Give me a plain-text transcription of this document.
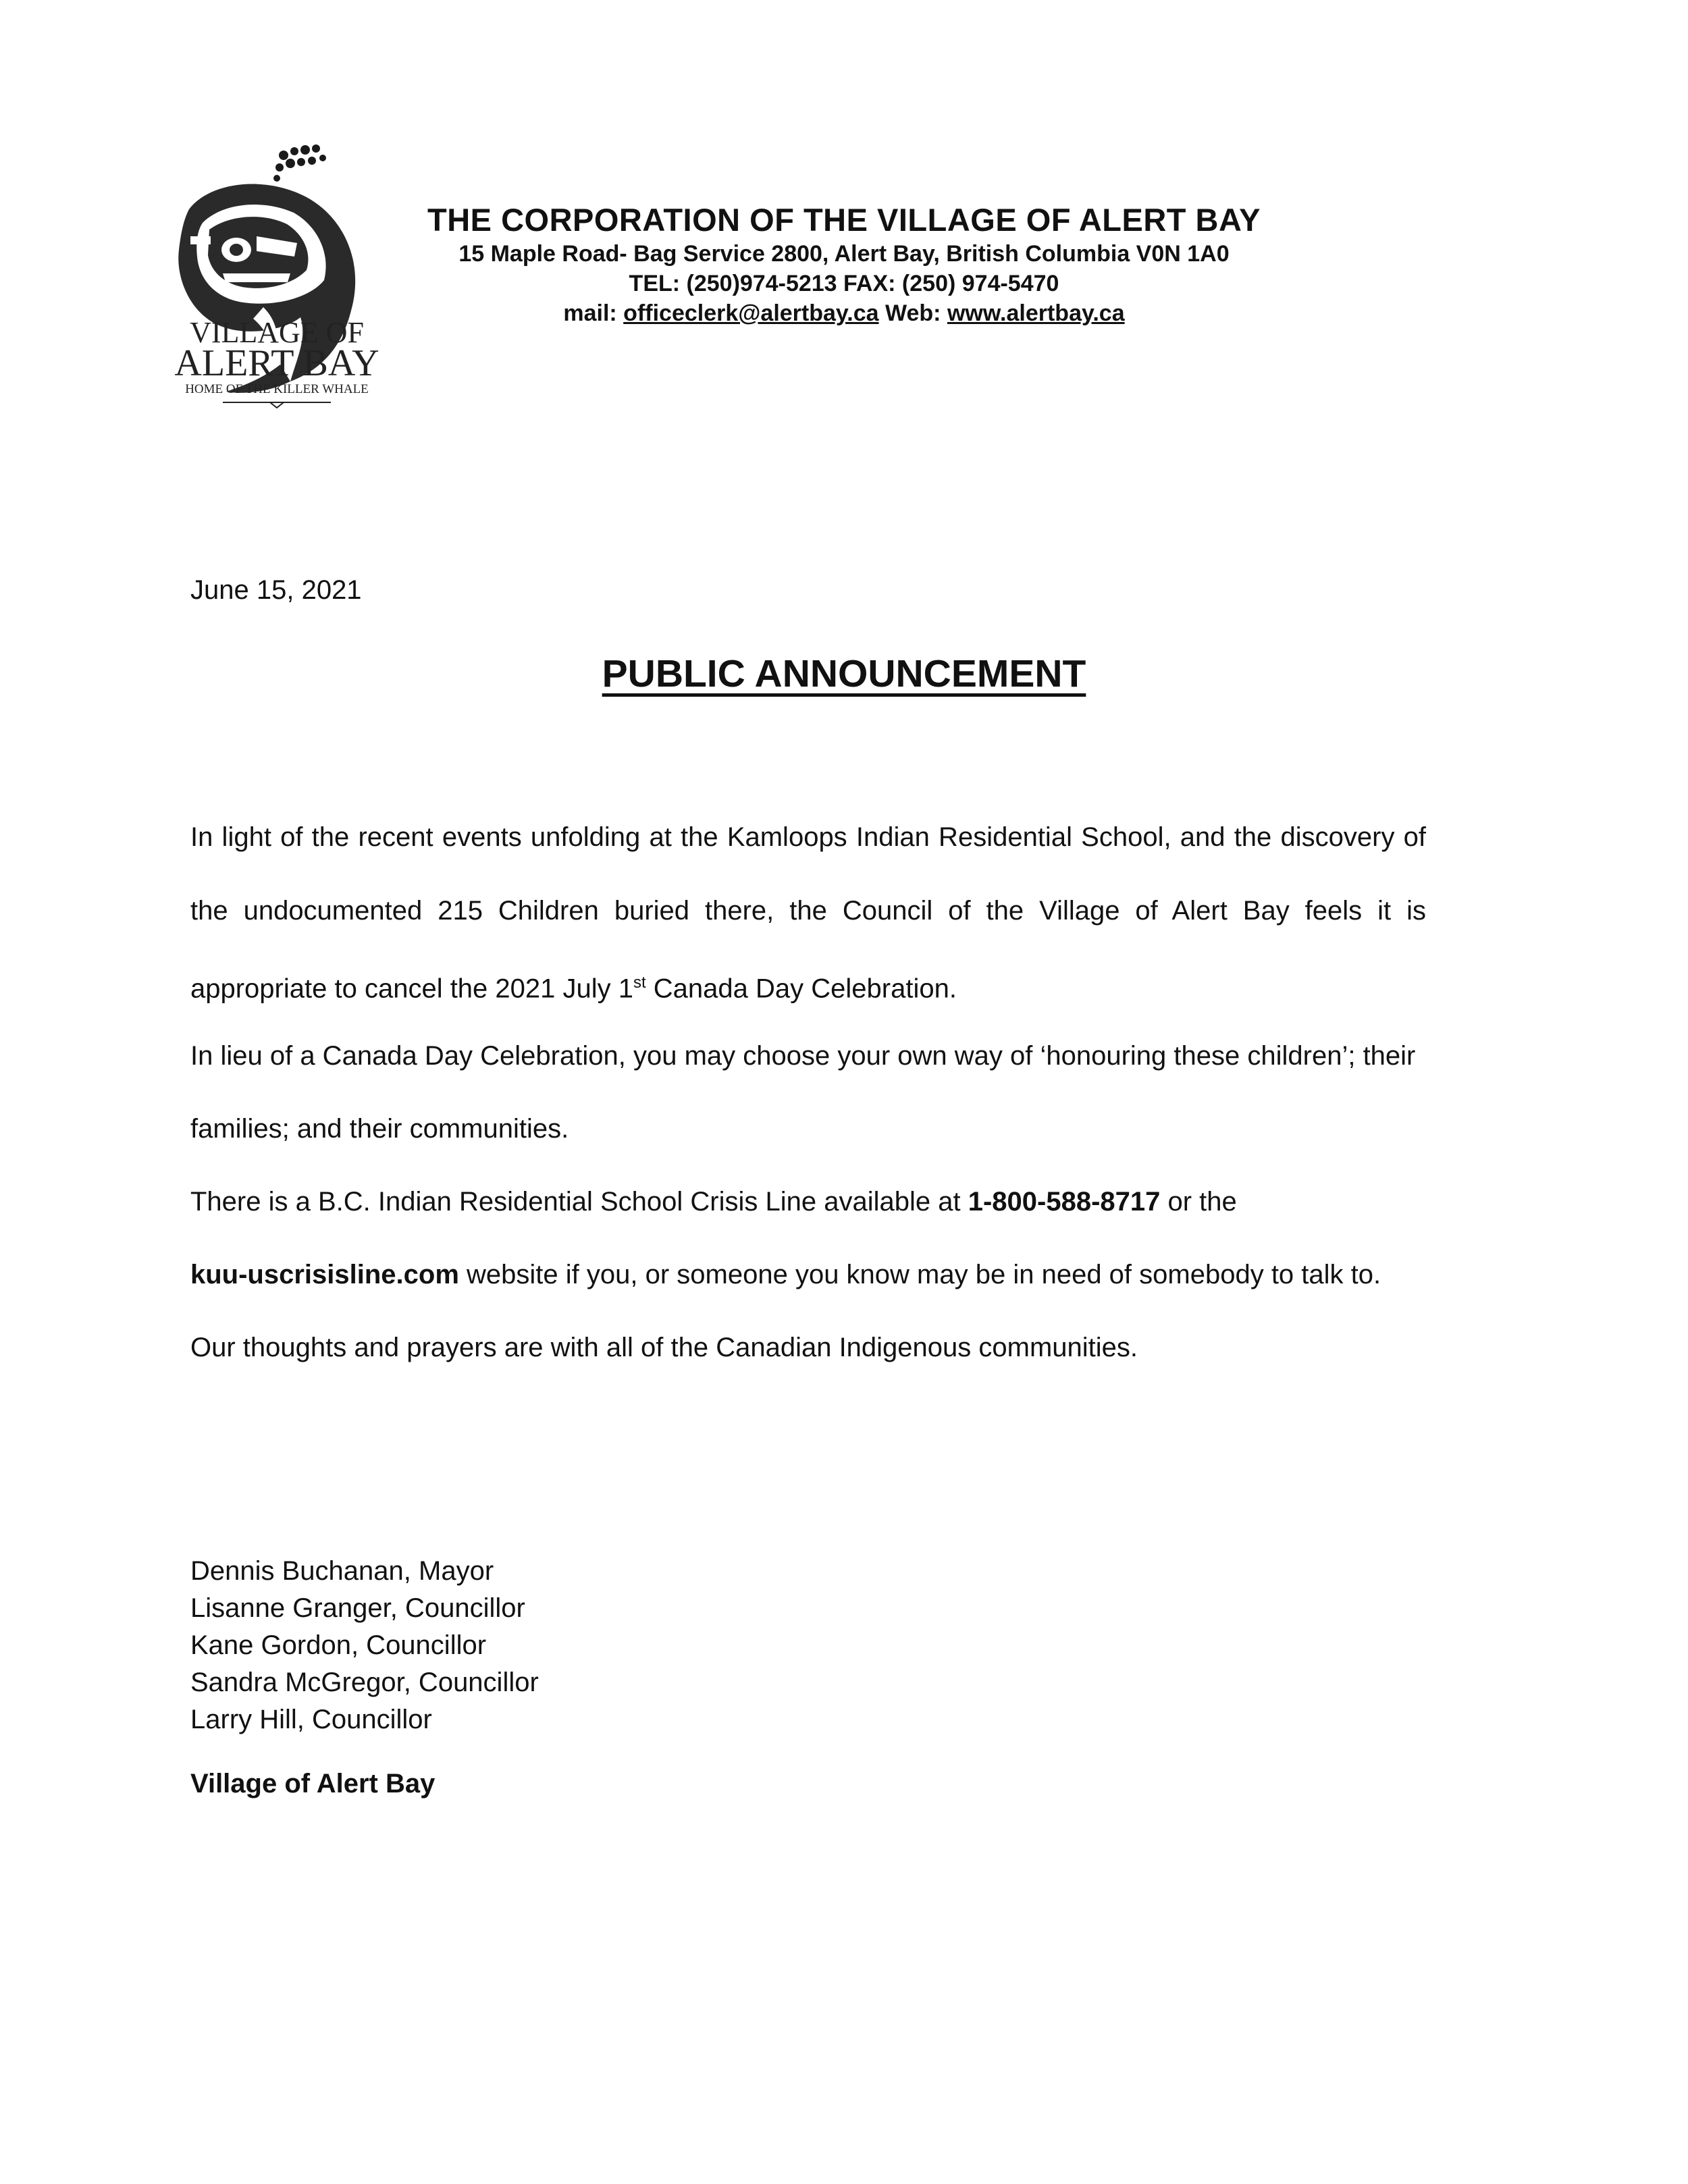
VILLAGE OF
ALERT BAY
HOME OF THE KILLER WHALE
THE CORPORATION OF THE VILLAGE OF ALERT BAY
15 Maple Road- Bag Service 2800, Alert Bay, British Columbia V0N 1A0
TEL: (250)974-5213 FAX: (250) 974-5470
mail: officeclerk@alertbay.ca Web: www.alertbay.ca
June 15, 2021
PUBLIC ANNOUNCEMENT
In light of the recent events unfolding at the Kamloops Indian Residential School, and the discovery of
the undocumented 215 Children buried there, the Council of the Village of Alert Bay feels it is
appropriate to cancel the 2021 July 1st Canada Day Celebration.
In lieu of a Canada Day Celebration, you may choose your own way of ‘honouring these children’; their
families; and their communities.
There is a B.C. Indian Residential School Crisis Line available at 1-800-588-8717 or the
kuu-uscrisisline.com website if you, or someone you know may be in need of somebody to talk to.
Our thoughts and prayers are with all of the Canadian Indigenous communities.
Dennis Buchanan, Mayor
Lisanne Granger, Councillor
Kane Gordon, Councillor
Sandra McGregor, Councillor
Larry Hill, Councillor
Village of Alert Bay
